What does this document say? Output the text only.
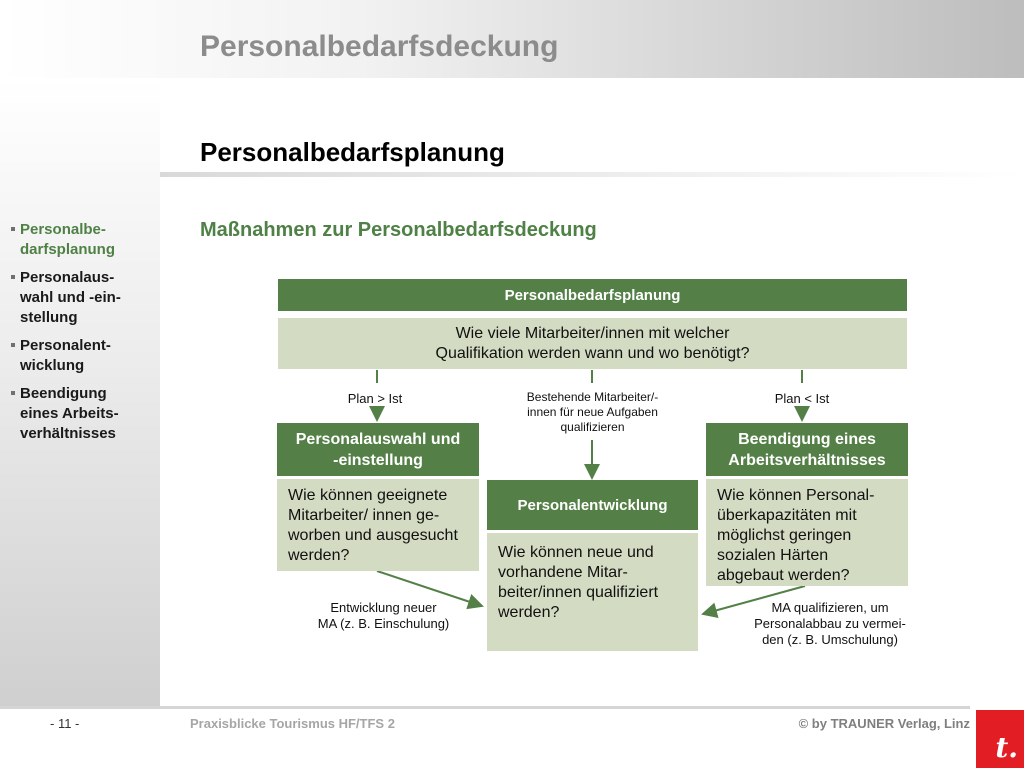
Personalbedarfsdeckung
Personalbedarfsplanung
Maßnahmen zur Personalbedarfsdeckung
Personalbe-
darfsplanung
Personalaus-
wahl und -ein-
stellung
Personalent-
wicklung
Beendigung
eines Arbeits-
verhältnisses
Personalbedarfsplanung
Wie viele Mitarbeiter/innen mit welcher
Qualifikation werden wann und wo benötigt?
Plan > Ist	Bestehende Mitarbeiter/-
innen für neue Aufgaben
qualifizieren
Plan < Ist
Personalauswahl und
-einstellung
Wie können geeignete
Mitarbeiter/ innen ge-
worben und ausgesucht
werden?
Personalentwicklung
Wie können neue und
vorhandene Mitar-
beiter/innen qualifiziert
werden?
Beendigung eines
Arbeitsverhältnisses
Wie können Personal-
überkapazitäten mit
möglichst geringen
sozialen Härten
abgebaut werden?
Entwicklung neuer
MA (z. B. Einschulung)
MA qualifizieren, um
Personalabbau zu vermei-
den (z. B. Umschulung)
- 11 -	Praxisblicke Tourismus HF/TFS 2	© by TRAUNER Verlag, Linz
t.
